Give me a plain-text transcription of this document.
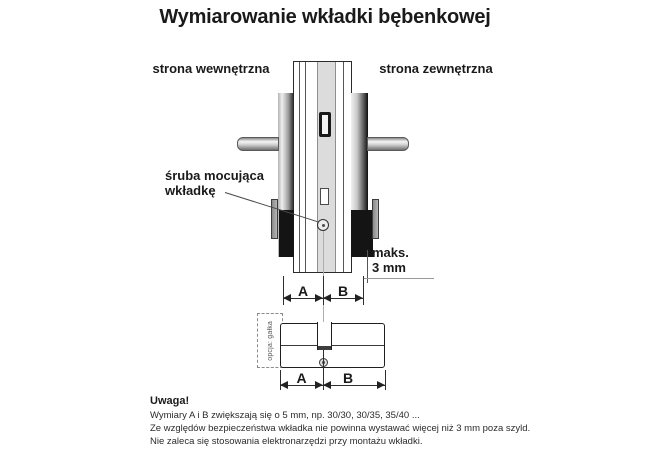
Wymiarowanie wkładki bębenkowej
strona wewnętrzna	strona zewnętrzna
śruba mocująca
wkładkę
A	B
maks.
3 mm
opcja: gałka
A	B
Uwaga!
Wymiary A i B zwiększają się o 5 mm, np. 30/30, 30/35, 35/40 ...
Ze względów bezpieczeństwa wkładka nie powinna wystawać więcej niż 3 mm poza szyld.
Nie zaleca się stosowania elektronarzędzi przy montażu wkładki.
